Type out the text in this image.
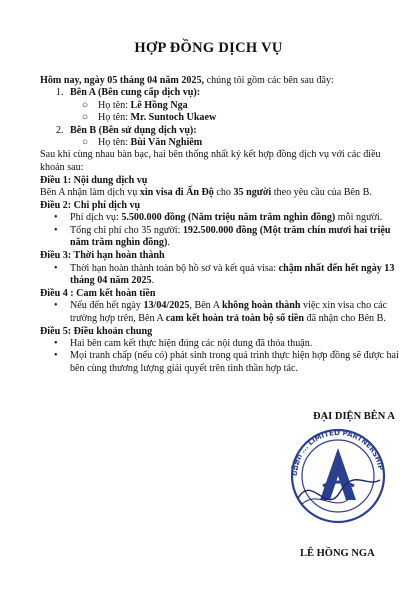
HỢP ĐỒNG DỊCH VỤ

Hôm nay, ngày 05 tháng 04 năm 2025, chúng tôi gồm các bên sau đây:

1. Bên A (Bên cung cấp dịch vụ):
○ Họ tên: Lê Hồng Nga
○ Họ tên: Mr. Suntoch Ukaew
2. Bên B (Bên sử dụng dịch vụ):
○ Họ tên: Bùi Văn Nghiêm

Sau khi cùng nhau bàn bạc, hai bên thống nhất ký kết hợp đồng dịch vụ với các điều khoản sau:

Điều 1: Nội dung dịch vụ

Bên A nhận làm dịch vụ xin visa đi Ấn Độ cho 35 người theo yêu cầu của Bên B.

Điều 2: Chi phí dịch vụ
•	Phí dịch vụ: 5.500.000 đồng (Năm triệu năm trăm nghìn đồng) mỗi người.
•	Tổng chi phí cho 35 người: 192.500.000 đồng (Một trăm chín mươi hai triệu năm trăm nghìn đồng).
Điều 3: Thời hạn hoàn thành
•	Thời hạn hoàn thành toàn bộ hồ sơ và kết quả visa: chậm nhất đến hết ngày 13 tháng 04 năm 2025.
Điều 4 : Cam kết hoàn tiền
•	Nếu đến hết ngày 13/04/2025, Bên A không hoàn thành việc xin visa cho các trường hợp trên, Bên A cam kết hoàn trả toàn bộ số tiền đã nhận cho Bên B.
Điều 5: Điều khoản chung
•	Hai bên cam kết thực hiện đúng các nội dung đã thỏa thuận.
•	Mọi tranh chấp (nếu có) phát sinh trong quá trình thực hiện hợp đồng sẽ được hai bên cùng thương lượng giải quyết trên tinh thần hợp tác.
ĐẠI DIỆN BÊN A
ບໍລິສັດ ... LIMITED PARTNERSHIP
LÊ HỒNG NGA
